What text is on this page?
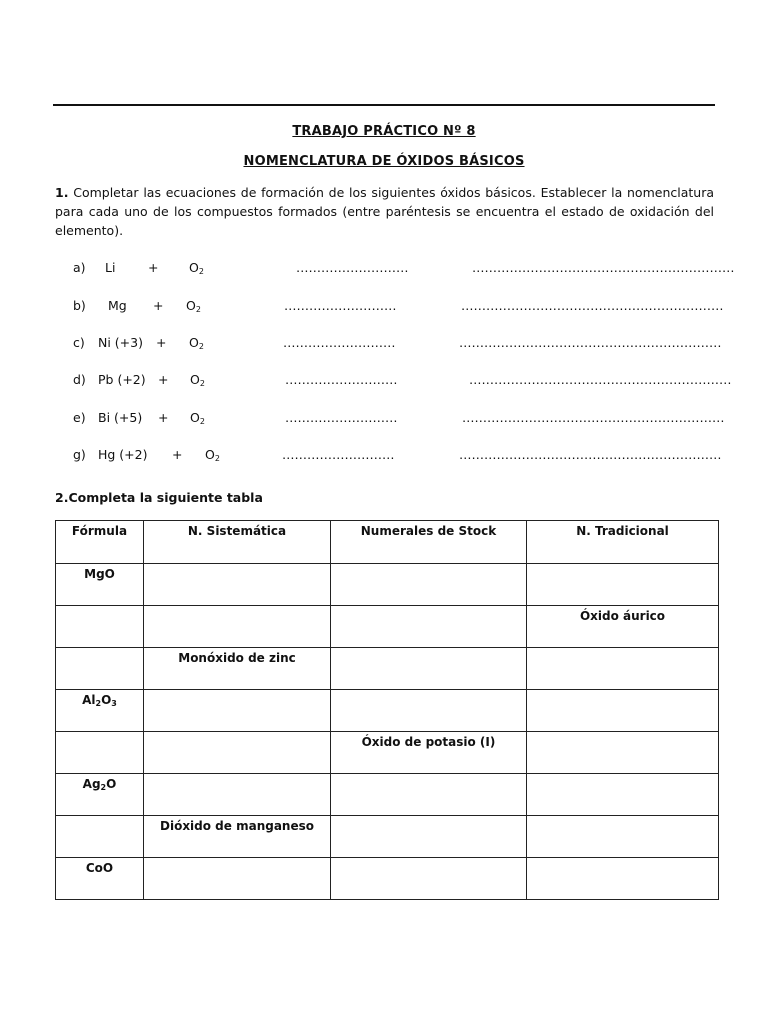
TRABAJO PRÁCTICO Nº 8
NOMENCLATURA DE ÓXIDOS BÁSICOS
1. Completar las ecuaciones de formación de los siguientes óxidos básicos. Establecer la nomenclatura para cada uno de los compuestos formados (entre paréntesis se encuentra el estado de oxidación del elemento).
a) Li	+ $O_2$	………………………	………………………………………………………
b) $Mg + O_2$	………………………	………………………………………………………
c) Ni $(+3) + O_2$	………………………	………………………………………………………
d) Pb $(+2) + O_2$	………………………	………………………………………………………
e) Bi $(+5) + O_2$	………………………	………………………………………………………
g) Hg $(+2) + O_2$	………………………	………………………………………………………
2.Completa la siguiente tabla
Fórmula	N. Sistemática	Numerales de Stock	N. Tradicional

MgO			

			Óxido áurico

	Monóxido de zinc		

$Al_2O_3$

		Óxido de potasio (I)	

$Ag_2O$			

	Dióxido de manganeso		

CoO			
